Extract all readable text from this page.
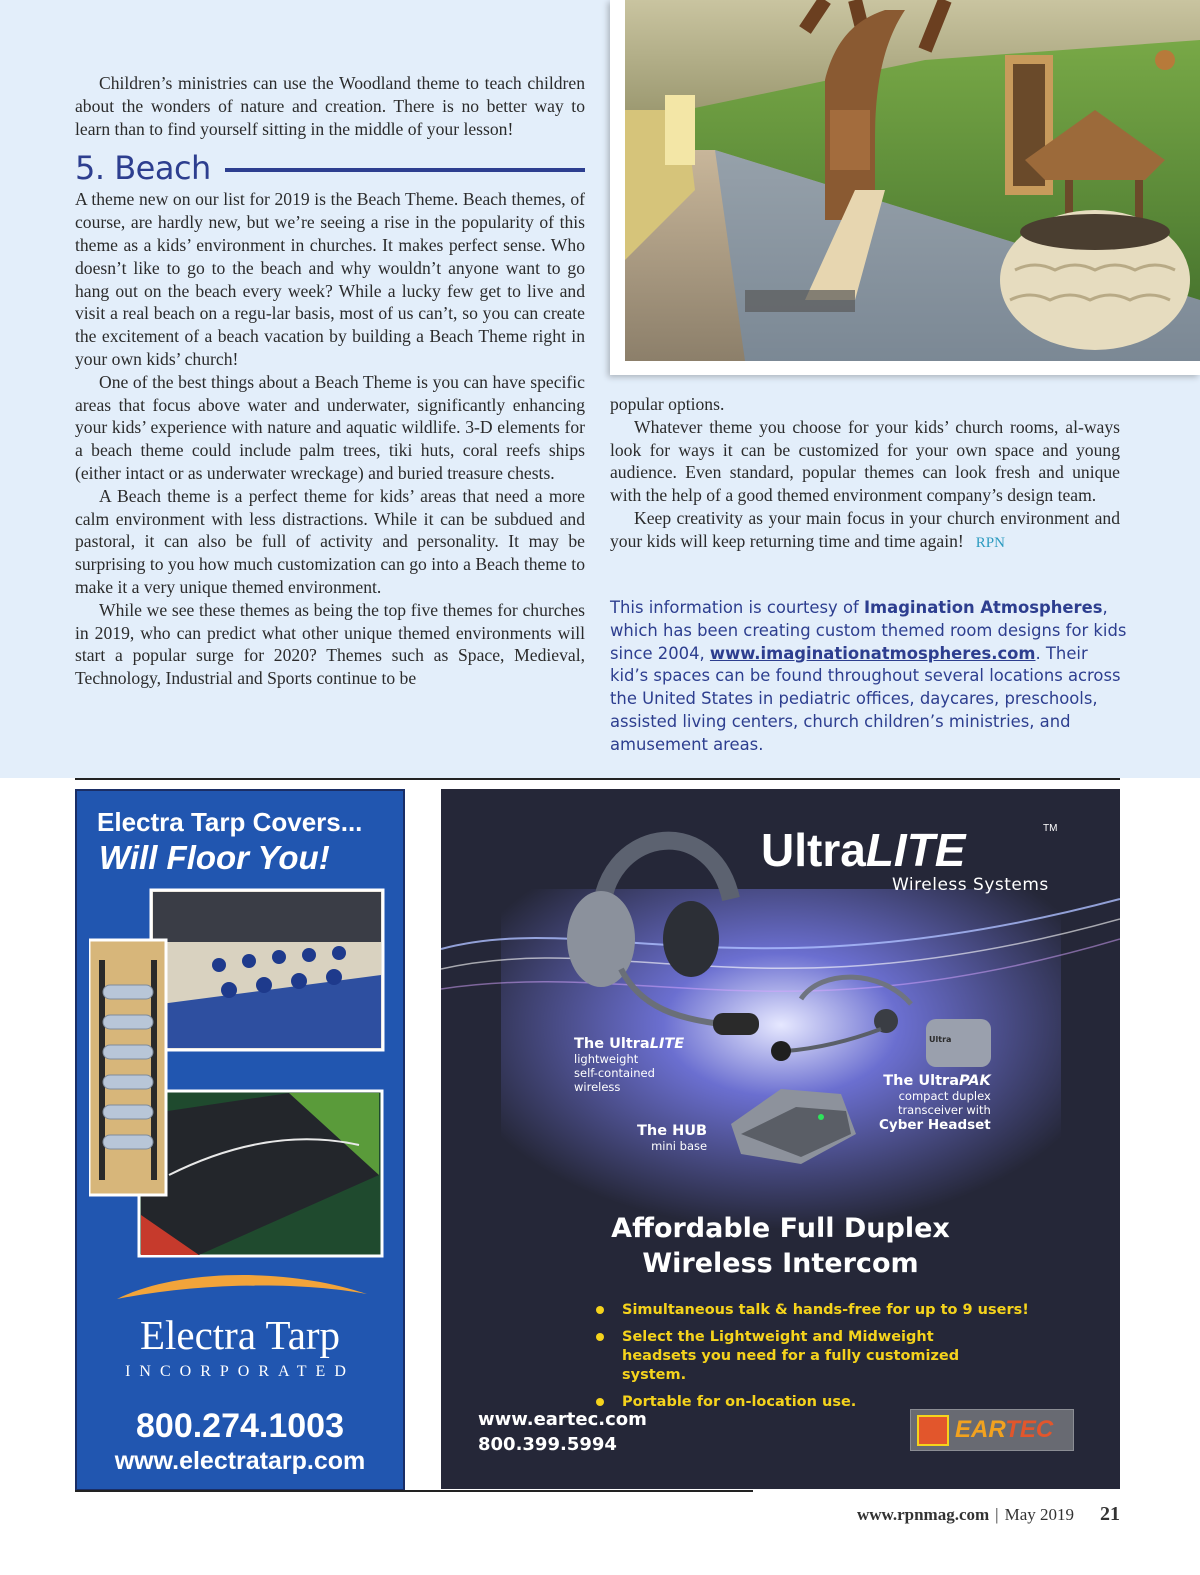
Children’s ministries can use the Woodland theme to teach children about the wonders of nature and creation. There is no better way to learn than to find yourself sitting in the middle of your lesson!

5. Beach

A theme new on our list for 2019 is the Beach Theme. Beach themes, of course, are hardly new, but we’re seeing a rise in the popularity of this theme as a kids’ environment in churches. It makes perfect sense. Who doesn’t like to go to the beach and why wouldn’t anyone want to go hang out on the beach every week? While a lucky few get to live and visit a real beach on a regu-lar basis, most of us can’t, so you can create the excitement of a beach vacation by building a Beach Theme right in your own kids’ church!

One of the best things about a Beach Theme is you can have specific areas that focus above water and underwater, significantly enhancing your kids’ experience with nature and aquatic wildlife. 3-D elements for a beach theme could include palm trees, tiki huts, coral reefs ships (either intact or as underwater wreckage) and buried treasure chests.

A Beach theme is a perfect theme for kids’ areas that need a more calm environment with less distractions. While it can be subdued and pastoral, it can also be full of activity and personality. It may be surprising to you how much customization can go into a Beach theme to make it a very unique themed environment.

While we see these themes as being the top five themes for churches in 2019, who can predict what other unique themed environments will start a popular surge for 2020? Themes such as Space, Medieval, Technology, Industrial and Sports continue to be

popular options.

Whatever theme you choose for your kids’ church rooms, al-ways look for ways it can be customized for your own space and young audience. Even standard, popular themes can look fresh and unique with the help of a good themed environment company’s design team.

Keep creativity as your main focus in your church environment and your kids will keep returning time and time again! RPN

This information is courtesy of Imagination Atmospheres, which has been creating custom themed room designs for kids since 2004, www.imaginationatmospheres.com. Their kid’s spaces can be found throughout several locations across the United States in pediatric offices, daycares, preschools, assisted living centers, church children’s ministries, and amusement areas.
Electra Tarp Covers...
Will Floor You!
Electra Tarp
INCORPORATED
800.274.1003
www.electratarp.com
UltraLITE	TM
Wireless Systems
The UltraLITE
lightweight
self-contained
wireless
The HUB
mini base
The UltraPAK
compact duplex
transceiver with
Cyber Headset
Ultra
Affordable Full Duplex
Wireless Intercom
Simultaneous talk & hands-free for up to 9 users!
Select the Lightweight and Midweight headsets you need for a fully customized system.
Portable for on-location use.
www.eartec.com
800.399.5994
EARTEC
www.rpnmag.com | May 2019 21
